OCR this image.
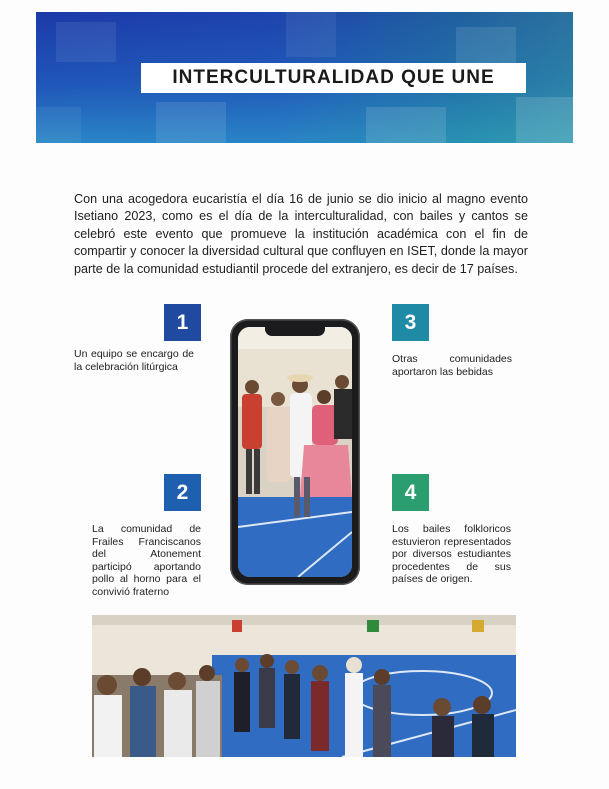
INTERCULTURALIDAD QUE UNE

Con una acogedora eucaristía el día 16 de junio se dio inicio al magno evento Isetiano 2023, como es el día de la interculturalidad, con bailes y cantos se celebró este evento que promueve la institución académica con el fin de compartir y conocer la diversidad cultural que confluyen en ISET, donde la mayor parte de la comunidad estudiantil procede del extranjero, es decir de 17 países.

1
2
3
4
Un equipo se encargo de la celebración litúrgica
La comunidad de Frailes Franciscanos del Atonement participó aportando pollo al horno para el convivió fraterno
Otras comunidades aportaron las bebidas
Los bailes folkloricos estuvieron representados por diversos estudiantes procedentes de sus países de origen.
